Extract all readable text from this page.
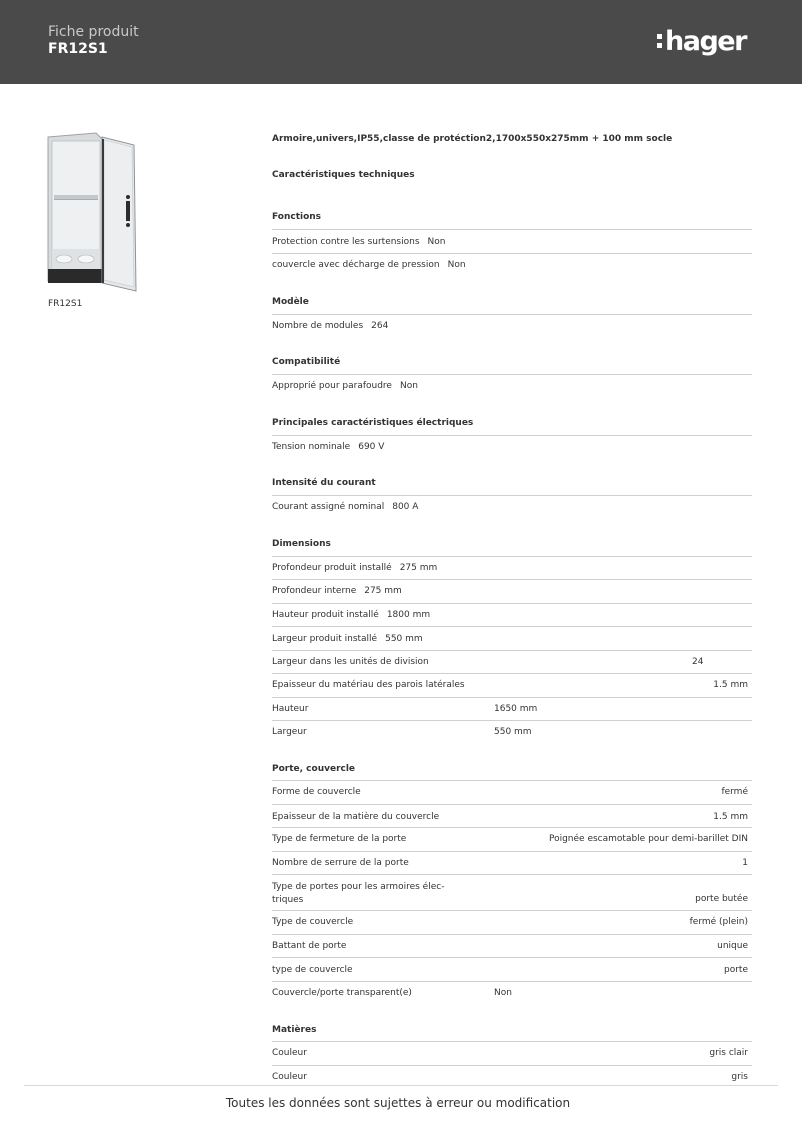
Fiche produit
FR12S1	hager
FR12S1
Armoire,univers,IP55,classe de protéction2,1700x550x275mm + 100 mm socle
Caractéristiques techniques
Fonctions
Protection contre les surtensions Non
couvercle avec décharge de pression Non
Modèle
Nombre de modules 264
Compatibilité
Approprié pour parafoudre Non
Principales caractéristiques électriques
Tension nominale 690 V
Intensité du courant
Courant assigné nominal 800 A
Dimensions
Profondeur produit installé 275 mm
Profondeur interne 275 mm
Hauteur produit installé 1800 mm
Largeur produit installé 550 mm
Largeur dans les unités de division	24
Epaisseur du matériau des parois latérales	1.5 mm
Hauteur	1650 mm
Largeur	550 mm
Porte, couvercle
Forme de couvercle	fermé
Epaisseur de la matière du couvercle	1.5 mm
Type de fermeture de la porte	Poignée escamotable pour demi-barillet DIN
Nombre de serrure de la porte	1
Type de portes pour les armoires élec-
triques	porte butée
Type de couvercle	fermé (plein)
Battant de porte	unique
type de couvercle	porte
Couvercle/porte transparent(e)	Non
Matières
Couleur	gris clair
Couleur	gris
Toutes les données sont sujettes à erreur ou modification
